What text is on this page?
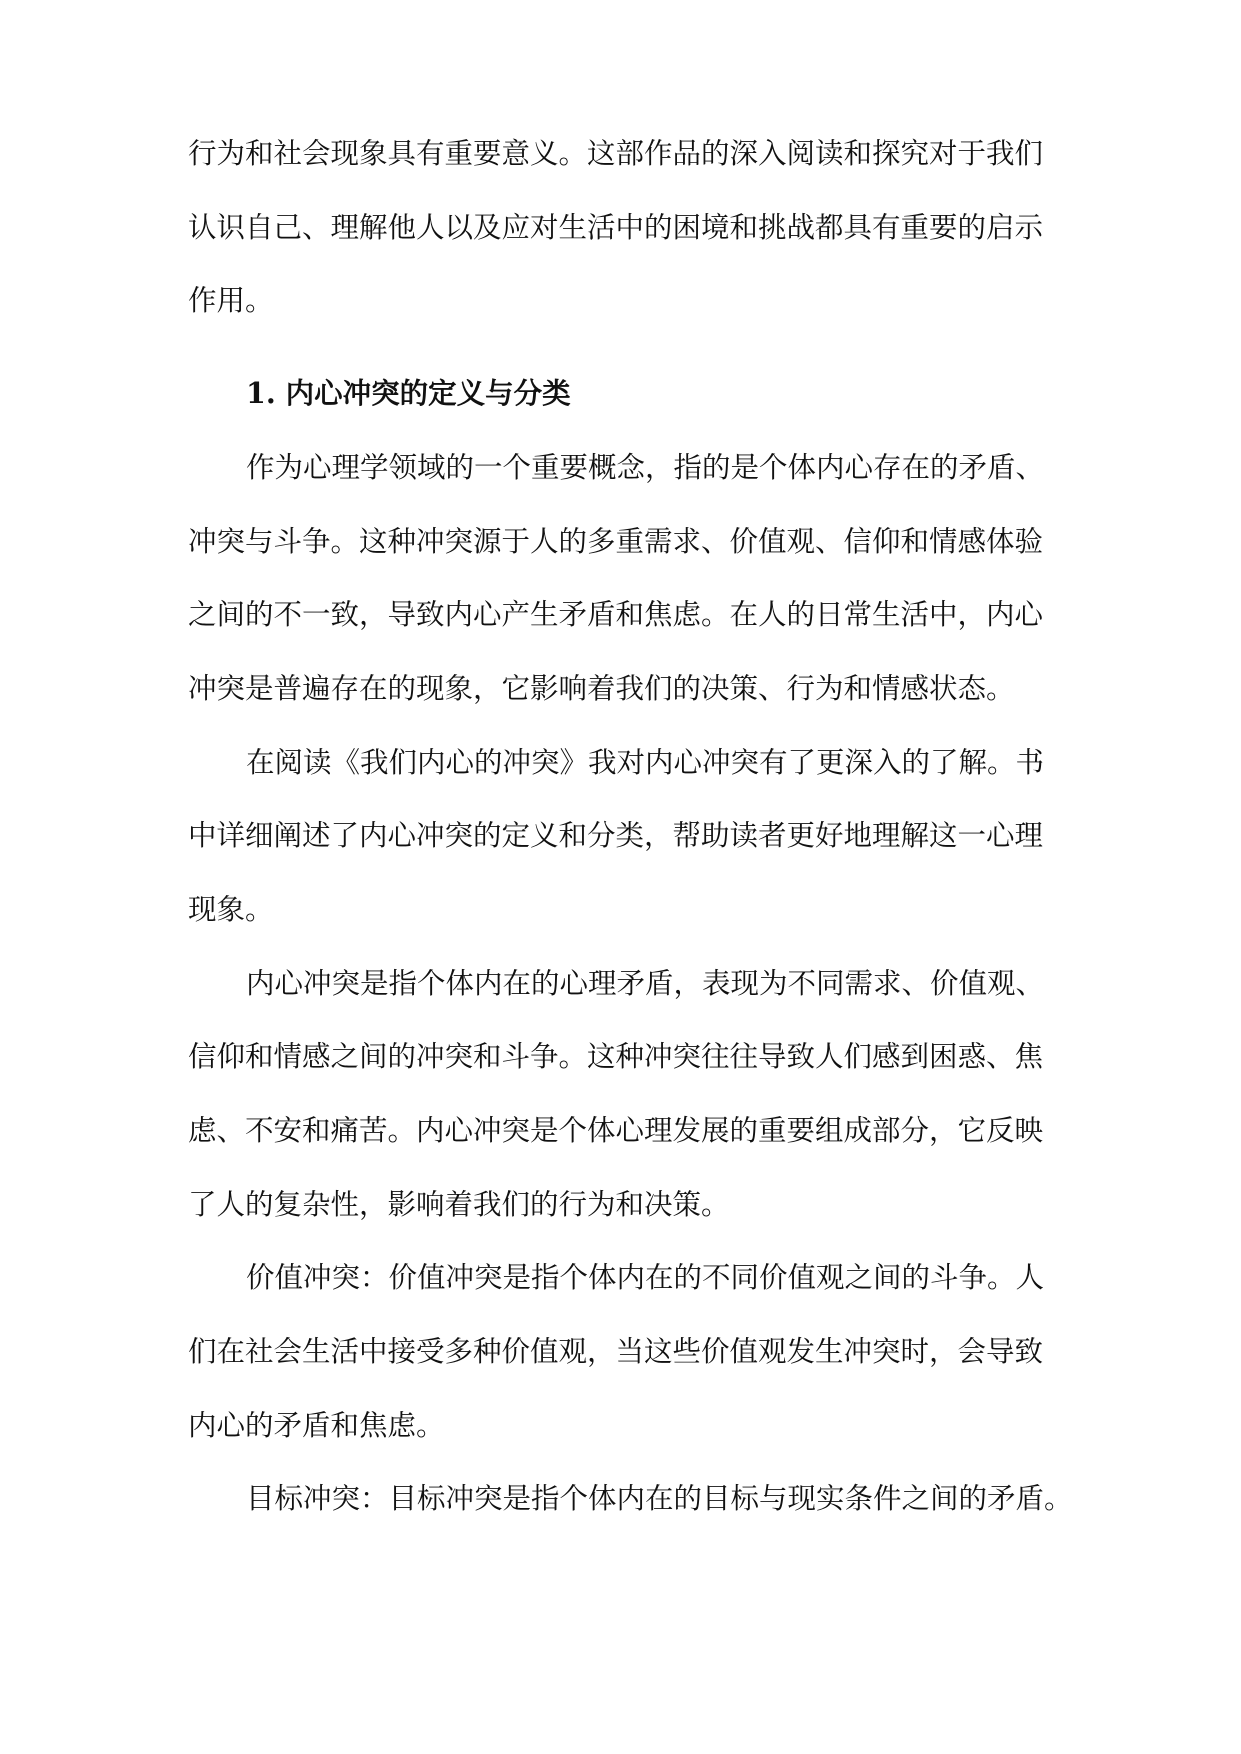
行为和社会现象具有重要意义。这部作品的深入阅读和探究对于我们
认识自己、理解他人以及应对生活中的困境和挑战都具有重要的启示
作用。
1. 内心冲突的定义与分类
作为心理学领域的一个重要概念，指的是个体内心存在的矛盾、
冲突与斗争。这种冲突源于人的多重需求、价值观、信仰和情感体验
之间的不一致，导致内心产生矛盾和焦虑。在人的日常生活中，内心
冲突是普遍存在的现象，它影响着我们的决策、行为和情感状态。
在阅读《我们内心的冲突》我对内心冲突有了更深入的了解。书
中详细阐述了内心冲突的定义和分类，帮助读者更好地理解这一心理
现象。
内心冲突是指个体内在的心理矛盾，表现为不同需求、价值观、
信仰和情感之间的冲突和斗争。这种冲突往往导致人们感到困惑、焦
虑、不安和痛苦。内心冲突是个体心理发展的重要组成部分，它反映
了人的复杂性，影响着我们的行为和决策。
价值冲突：价值冲突是指个体内在的不同价值观之间的斗争。人
们在社会生活中接受多种价值观，当这些价值观发生冲突时，会导致
内心的矛盾和焦虑。
目标冲突：目标冲突是指个体内在的目标与现实条件之间的矛盾。
